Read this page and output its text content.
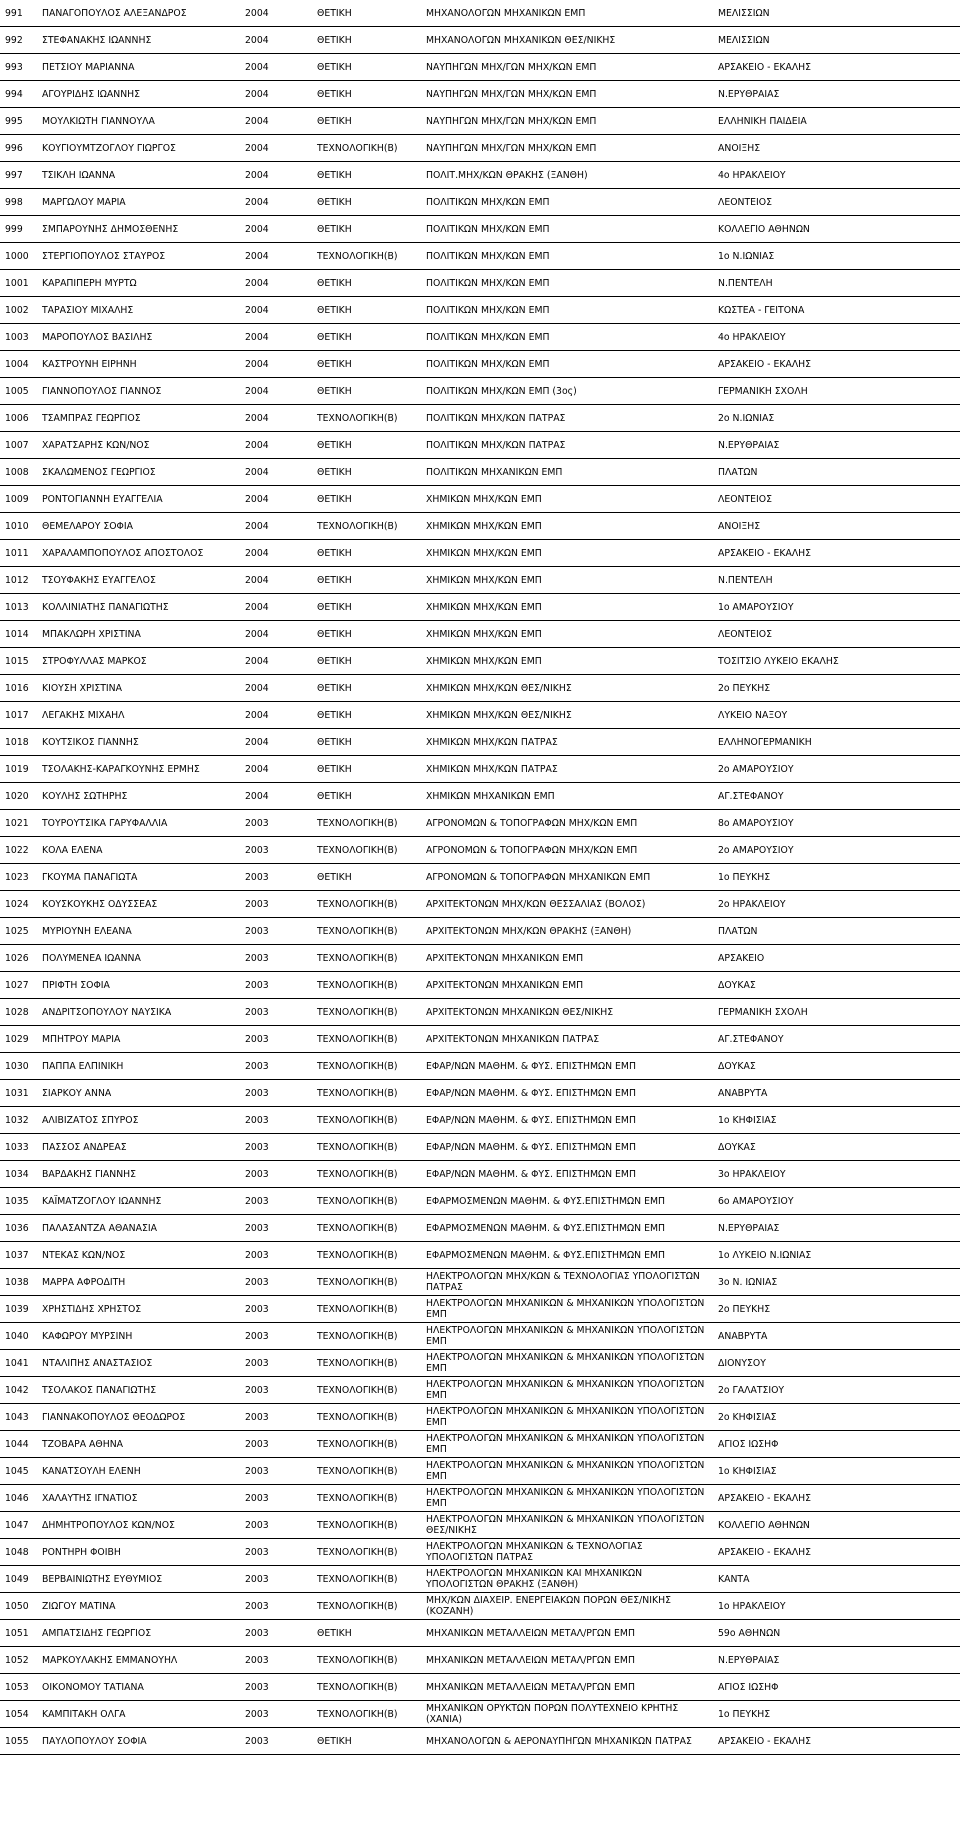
991	ΠΑΝΑΓΟΠΟΥΛΟΣ ΑΛΕΞΑΝΔΡΟΣ	2004	ΘΕΤΙΚΗ	ΜΗΧΑΝΟΛΟΓΩΝ ΜΗΧΑΝΙΚΩΝ ΕΜΠ	ΜΕΛΙΣΣΙΩΝ
992	ΣΤΕΦΑΝΑΚΗΣ ΙΩΑΝΝΗΣ	2004	ΘΕΤΙΚΗ	ΜΗΧΑΝΟΛΟΓΩΝ ΜΗΧΑΝΙΚΩΝ ΘΕΣ/ΝΙΚΗΣ	ΜΕΛΙΣΣΙΩΝ
993	ΠΕΤΣΙΟΥ ΜΑΡΙΑΝΝΑ	2004	ΘΕΤΙΚΗ	ΝΑΥΠΗΓΩΝ ΜΗΧ/ΓΩΝ ΜΗΧ/ΚΩΝ ΕΜΠ	ΑΡΣΑΚΕΙΟ - ΕΚΑΛΗΣ
994	ΑΓΟΥΡΙΔΗΣ ΙΩΑΝΝΗΣ	2004	ΘΕΤΙΚΗ	ΝΑΥΠΗΓΩΝ ΜΗΧ/ΓΩΝ ΜΗΧ/ΚΩΝ ΕΜΠ	Ν.ΕΡΥΘΡΑΙΑΣ
995	ΜΟΥΛΚΙΩΤΗ ΓΙΑΝΝΟΥΛΑ	2004	ΘΕΤΙΚΗ	ΝΑΥΠΗΓΩΝ ΜΗΧ/ΓΩΝ ΜΗΧ/ΚΩΝ ΕΜΠ	ΕΛΛΗΝΙΚΗ ΠΑΙΔΕΙΑ
996	ΚΟΥΓΙΟΥΜΤΖΟΓΛΟΥ ΓΙΩΡΓΟΣ	2004	ΤΕΧΝΟΛΟΓΙΚΗ(Β)	ΝΑΥΠΗΓΩΝ ΜΗΧ/ΓΩΝ ΜΗΧ/ΚΩΝ ΕΜΠ	ΑΝΟΙΞΗΣ
997	ΤΣΙΚΛΗ ΙΩΑΝΝΑ	2004	ΘΕΤΙΚΗ	ΠΟΛΙΤ.ΜΗΧ/ΚΩΝ ΘΡΑΚΗΣ (ΞΑΝΘΗ)	4ο ΗΡΑΚΛΕΙΟΥ
998	ΜΑΡΓΩΛΟΥ ΜΑΡΙΑ	2004	ΘΕΤΙΚΗ	ΠΟΛΙΤΙΚΩΝ ΜΗΧ/ΚΩΝ ΕΜΠ	ΛΕΟΝΤΕΙΟΣ
999	ΣΜΠΑΡΟΥΝΗΣ ΔΗΜΟΣΘΕΝΗΣ	2004	ΘΕΤΙΚΗ	ΠΟΛΙΤΙΚΩΝ ΜΗΧ/ΚΩΝ ΕΜΠ	ΚΟΛΛΕΓΙΟ ΑΘΗΝΩΝ
1000	ΣΤΕΡΓΙΟΠΟΥΛΟΣ ΣΤΑΥΡΟΣ	2004	ΤΕΧΝΟΛΟΓΙΚΗ(Β)	ΠΟΛΙΤΙΚΩΝ ΜΗΧ/ΚΩΝ ΕΜΠ	1ο Ν.ΙΩΝΙΑΣ
1001	ΚΑΡΑΠΙΠΕΡΗ ΜΥΡΤΩ	2004	ΘΕΤΙΚΗ	ΠΟΛΙΤΙΚΩΝ ΜΗΧ/ΚΩΝ ΕΜΠ	Ν.ΠΕΝΤΕΛΗ
1002	ΤΑΡΑΣΙΟΥ ΜΙΧΑΛΗΣ	2004	ΘΕΤΙΚΗ	ΠΟΛΙΤΙΚΩΝ ΜΗΧ/ΚΩΝ ΕΜΠ	ΚΩΣΤΕΑ - ΓΕΙΤΟΝΑ
1003	ΜΑΡΟΠΟΥΛΟΣ ΒΑΣΙΛΗΣ	2004	ΘΕΤΙΚΗ	ΠΟΛΙΤΙΚΩΝ ΜΗΧ/ΚΩΝ ΕΜΠ	4ο ΗΡΑΚΛΕΙΟΥ
1004	ΚΑΣΤΡΟΥΝΗ ΕΙΡΗΝΗ	2004	ΘΕΤΙΚΗ	ΠΟΛΙΤΙΚΩΝ ΜΗΧ/ΚΩΝ ΕΜΠ	ΑΡΣΑΚΕΙΟ - ΕΚΑΛΗΣ
1005	ΓΙΑΝΝΟΠΟΥΛΟΣ ΓΙΑΝΝΟΣ	2004	ΘΕΤΙΚΗ	ΠΟΛΙΤΙΚΩΝ ΜΗΧ/ΚΩΝ ΕΜΠ (3ος)	ΓΕΡΜΑΝΙΚΗ ΣΧΟΛΗ
1006	ΤΣΑΜΠΡΑΣ ΓΕΩΡΓΙΟΣ	2004	ΤΕΧΝΟΛΟΓΙΚΗ(Β)	ΠΟΛΙΤΙΚΩΝ ΜΗΧ/ΚΩΝ ΠΑΤΡΑΣ	2ο Ν.ΙΩΝΙΑΣ
1007	ΧΑΡΑΤΣΑΡΗΣ ΚΩΝ/ΝΟΣ	2004	ΘΕΤΙΚΗ	ΠΟΛΙΤΙΚΩΝ ΜΗΧ/ΚΩΝ ΠΑΤΡΑΣ	Ν.ΕΡΥΘΡΑΙΑΣ
1008	ΣΚΑΛΩΜΕΝΟΣ ΓΕΩΡΓΙΟΣ	2004	ΘΕΤΙΚΗ	ΠΟΛΙΤΙΚΩΝ ΜΗΧΑΝΙΚΩΝ ΕΜΠ	ΠΛΑΤΩΝ
1009	ΡΟΝΤΟΓΙΑΝΝΗ ΕΥΑΓΓΕΛΙΑ	2004	ΘΕΤΙΚΗ	ΧΗΜΙΚΩΝ ΜΗΧ/ΚΩΝ ΕΜΠ	ΛΕΟΝΤΕΙΟΣ
1010	ΘΕΜΕΛΑΡΟΥ ΣΟΦΙΑ	2004	ΤΕΧΝΟΛΟΓΙΚΗ(Β)	ΧΗΜΙΚΩΝ ΜΗΧ/ΚΩΝ ΕΜΠ	ΑΝΟΙΞΗΣ
1011	ΧΑΡΑΛΑΜΠΟΠΟΥΛΟΣ ΑΠΟΣΤΟΛΟΣ	2004	ΘΕΤΙΚΗ	ΧΗΜΙΚΩΝ ΜΗΧ/ΚΩΝ ΕΜΠ	ΑΡΣΑΚΕΙΟ - ΕΚΑΛΗΣ
1012	ΤΣΟΥΦΑΚΗΣ ΕΥΑΓΓΕΛΟΣ	2004	ΘΕΤΙΚΗ	ΧΗΜΙΚΩΝ ΜΗΧ/ΚΩΝ ΕΜΠ	Ν.ΠΕΝΤΕΛΗ
1013	ΚΟΛΛΙΝΙΑΤΗΣ ΠΑΝΑΓΙΩΤΗΣ	2004	ΘΕΤΙΚΗ	ΧΗΜΙΚΩΝ ΜΗΧ/ΚΩΝ ΕΜΠ	1ο ΑΜΑΡΟΥΣΙΟΥ
1014	ΜΠΑΚΛΩΡΗ ΧΡΙΣΤΙΝΑ	2004	ΘΕΤΙΚΗ	ΧΗΜΙΚΩΝ ΜΗΧ/ΚΩΝ ΕΜΠ	ΛΕΟΝΤΕΙΟΣ
1015	ΣΤΡΟΦΥΛΛΑΣ ΜΑΡΚΟΣ	2004	ΘΕΤΙΚΗ	ΧΗΜΙΚΩΝ ΜΗΧ/ΚΩΝ ΕΜΠ	ΤΟΣΙΤΣΙΟ ΛΥΚΕΙΟ ΕΚΑΛΗΣ
1016	ΚΙΟΥΣΗ ΧΡΙΣΤΙΝΑ	2004	ΘΕΤΙΚΗ	ΧΗΜΙΚΩΝ ΜΗΧ/ΚΩΝ ΘΕΣ/ΝΙΚΗΣ	2ο ΠΕΥΚΗΣ
1017	ΛΕΓΑΚΗΣ ΜΙΧΑΗΛ	2004	ΘΕΤΙΚΗ	ΧΗΜΙΚΩΝ ΜΗΧ/ΚΩΝ ΘΕΣ/ΝΙΚΗΣ	ΛΥΚΕΙΟ ΝΑΞΟΥ
1018	ΚΟΥΤΣΙΚΟΣ ΓΙΑΝΝΗΣ	2004	ΘΕΤΙΚΗ	ΧΗΜΙΚΩΝ ΜΗΧ/ΚΩΝ ΠΑΤΡΑΣ	ΕΛΛΗΝΟΓΕΡΜΑΝΙΚΗ
1019	ΤΣΟΛΑΚΗΣ-ΚΑΡΑΓΚΟΥΝΗΣ ΕΡΜΗΣ	2004	ΘΕΤΙΚΗ	ΧΗΜΙΚΩΝ ΜΗΧ/ΚΩΝ ΠΑΤΡΑΣ	2ο ΑΜΑΡΟΥΣΙΟΥ
1020	ΚΟΥΛΗΣ ΣΩΤΗΡΗΣ	2004	ΘΕΤΙΚΗ	ΧΗΜΙΚΩΝ ΜΗΧΑΝΙΚΩΝ ΕΜΠ	ΑΓ.ΣΤΕΦΑΝΟΥ
1021	ΤΟΥΡΟΥΤΣΙΚΑ ΓΑΡΥΦΑΛΛΙΑ	2003	ΤΕΧΝΟΛΟΓΙΚΗ(Β)	ΑΓΡΟΝΟΜΩΝ & ΤΟΠΟΓΡΑΦΩΝ ΜΗΧ/ΚΩΝ ΕΜΠ	8ο ΑΜΑΡΟΥΣΙΟΥ
1022	ΚΟΛΑ ΕΛΕΝΑ	2003	ΤΕΧΝΟΛΟΓΙΚΗ(Β)	ΑΓΡΟΝΟΜΩΝ & ΤΟΠΟΓΡΑΦΩΝ ΜΗΧ/ΚΩΝ ΕΜΠ	2ο ΑΜΑΡΟΥΣΙΟΥ
1023	ΓΚΟΥΜΑ ΠΑΝΑΓΙΩΤΑ	2003	ΘΕΤΙΚΗ	ΑΓΡΟΝΟΜΩΝ & ΤΟΠΟΓΡΑΦΩΝ ΜΗΧΑΝΙΚΩΝ ΕΜΠ	1ο ΠΕΥΚΗΣ
1024	ΚΟΥΣΚΟΥΚΗΣ ΟΔΥΣΣΕΑΣ	2003	ΤΕΧΝΟΛΟΓΙΚΗ(Β)	ΑΡΧΙΤΕΚΤΟΝΩΝ ΜΗΧ/ΚΩΝ ΘΕΣΣΑΛΙΑΣ (ΒΟΛΟΣ)	2ο ΗΡΑΚΛΕΙΟΥ
1025	ΜΥΡΙΟΥΝΗ ΕΛΕΑΝΑ	2003	ΤΕΧΝΟΛΟΓΙΚΗ(Β)	ΑΡΧΙΤΕΚΤΟΝΩΝ ΜΗΧ/ΚΩΝ ΘΡΑΚΗΣ (ΞΑΝΘΗ)	ΠΛΑΤΩΝ
1026	ΠΟΛΥΜΕΝΕΑ ΙΩΑΝΝΑ	2003	ΤΕΧΝΟΛΟΓΙΚΗ(Β)	ΑΡΧΙΤΕΚΤΟΝΩΝ ΜΗΧΑΝΙΚΩΝ ΕΜΠ	ΑΡΣΑΚΕΙΟ
1027	ΠΡΙΦΤΗ ΣΟΦΙΑ	2003	ΤΕΧΝΟΛΟΓΙΚΗ(Β)	ΑΡΧΙΤΕΚΤΟΝΩΝ ΜΗΧΑΝΙΚΩΝ ΕΜΠ	ΔΟΥΚΑΣ
1028	ΑΝΔΡΙΤΣΟΠΟΥΛΟΥ ΝΑΥΣΙΚΑ	2003	ΤΕΧΝΟΛΟΓΙΚΗ(Β)	ΑΡΧΙΤΕΚΤΟΝΩΝ ΜΗΧΑΝΙΚΩΝ ΘΕΣ/ΝΙΚΗΣ	ΓΕΡΜΑΝΙΚΗ ΣΧΟΛΗ
1029	ΜΠΗΤΡΟΥ ΜΑΡΙΑ	2003	ΤΕΧΝΟΛΟΓΙΚΗ(Β)	ΑΡΧΙΤΕΚΤΟΝΩΝ ΜΗΧΑΝΙΚΩΝ ΠΑΤΡΑΣ	ΑΓ.ΣΤΕΦΑΝΟΥ
1030	ΠΑΠΠΑ ΕΛΠΙΝΙΚΗ	2003	ΤΕΧΝΟΛΟΓΙΚΗ(Β)	ΕΦΑΡ/ΝΩΝ ΜΑΘΗΜ. & ΦΥΣ. ΕΠΙΣΤΗΜΩΝ ΕΜΠ	ΔΟΥΚΑΣ
1031	ΣΙΑΡΚΟΥ ΑΝΝΑ	2003	ΤΕΧΝΟΛΟΓΙΚΗ(Β)	ΕΦΑΡ/ΝΩΝ ΜΑΘΗΜ. & ΦΥΣ. ΕΠΙΣΤΗΜΩΝ ΕΜΠ	ΑΝΑΒΡΥΤΑ
1032	ΑΛΙΒΙΖΑΤΟΣ ΣΠΥΡΟΣ	2003	ΤΕΧΝΟΛΟΓΙΚΗ(Β)	ΕΦΑΡ/ΝΩΝ ΜΑΘΗΜ. & ΦΥΣ. ΕΠΙΣΤΗΜΩΝ ΕΜΠ	1ο ΚΗΦΙΣΙΑΣ
1033	ΠΑΣΣΟΣ ΑΝΔΡΕΑΣ	2003	ΤΕΧΝΟΛΟΓΙΚΗ(Β)	ΕΦΑΡ/ΝΩΝ ΜΑΘΗΜ. & ΦΥΣ. ΕΠΙΣΤΗΜΩΝ ΕΜΠ	ΔΟΥΚΑΣ
1034	ΒΑΡΔΑΚΗΣ ΓΙΑΝΝΗΣ	2003	ΤΕΧΝΟΛΟΓΙΚΗ(Β)	ΕΦΑΡ/ΝΩΝ ΜΑΘΗΜ. & ΦΥΣ. ΕΠΙΣΤΗΜΩΝ ΕΜΠ	3ο ΗΡΑΚΛΕΙΟΥ
1035	ΚΑΪΜΑΤΖΟΓΛΟΥ ΙΩΑΝΝΗΣ	2003	ΤΕΧΝΟΛΟΓΙΚΗ(Β)	ΕΦΑΡΜΟΣΜΕΝΩΝ ΜΑΘΗΜ. & ΦΥΣ.ΕΠΙΣΤΗΜΩΝ ΕΜΠ	6ο ΑΜΑΡΟΥΣΙΟΥ
1036	ΠΑΛΑΣΑΝΤΖΑ ΑΘΑΝΑΣΙΑ	2003	ΤΕΧΝΟΛΟΓΙΚΗ(Β)	ΕΦΑΡΜΟΣΜΕΝΩΝ ΜΑΘΗΜ. & ΦΥΣ.ΕΠΙΣΤΗΜΩΝ ΕΜΠ	Ν.ΕΡΥΘΡΑΙΑΣ
1037	ΝΤΕΚΑΣ ΚΩΝ/ΝΟΣ	2003	ΤΕΧΝΟΛΟΓΙΚΗ(Β)	ΕΦΑΡΜΟΣΜΕΝΩΝ ΜΑΘΗΜ. & ΦΥΣ.ΕΠΙΣΤΗΜΩΝ ΕΜΠ	1ο ΛΥΚΕΙΟ Ν.ΙΩΝΙΑΣ
1038	ΜΑΡΡΑ ΑΦΡΟΔΙΤΗ	2003	ΤΕΧΝΟΛΟΓΙΚΗ(Β)	ΗΛΕΚΤΡΟΛΟΓΩΝ ΜΗΧ/ΚΩΝ & ΤΕΧΝΟΛΟΓΙΑΣ ΥΠΟΛΟΓΙΣΤΩΝ ΠΑΤΡΑΣ	3ο Ν. ΙΩΝΙΑΣ
1039	ΧΡΗΣΤΙΔΗΣ ΧΡΗΣΤΟΣ	2003	ΤΕΧΝΟΛΟΓΙΚΗ(Β)	ΗΛΕΚΤΡΟΛΟΓΩΝ ΜΗΧΑΝΙΚΩΝ & ΜΗΧΑΝΙΚΩΝ ΥΠΟΛΟΓΙΣΤΩΝ ΕΜΠ	2ο ΠΕΥΚΗΣ
1040	ΚΑΦΩΡΟΥ ΜΥΡΣΙΝΗ	2003	ΤΕΧΝΟΛΟΓΙΚΗ(Β)	ΗΛΕΚΤΡΟΛΟΓΩΝ ΜΗΧΑΝΙΚΩΝ & ΜΗΧΑΝΙΚΩΝ ΥΠΟΛΟΓΙΣΤΩΝ ΕΜΠ	ΑΝΑΒΡΥΤΑ
1041	ΝΤΑΛΙΠΗΣ ΑΝΑΣΤΑΣΙΟΣ	2003	ΤΕΧΝΟΛΟΓΙΚΗ(Β)	ΗΛΕΚΤΡΟΛΟΓΩΝ ΜΗΧΑΝΙΚΩΝ & ΜΗΧΑΝΙΚΩΝ ΥΠΟΛΟΓΙΣΤΩΝ ΕΜΠ	ΔΙΟΝΥΣΟΥ
1042	ΤΣΟΛΑΚΟΣ ΠΑΝΑΓΙΩΤΗΣ	2003	ΤΕΧΝΟΛΟΓΙΚΗ(Β)	ΗΛΕΚΤΡΟΛΟΓΩΝ ΜΗΧΑΝΙΚΩΝ & ΜΗΧΑΝΙΚΩΝ ΥΠΟΛΟΓΙΣΤΩΝ ΕΜΠ	2ο ΓΑΛΑΤΣΙΟΥ
1043	ΓΙΑΝΝΑΚΟΠΟΥΛΟΣ ΘΕΟΔΩΡΟΣ	2003	ΤΕΧΝΟΛΟΓΙΚΗ(Β)	ΗΛΕΚΤΡΟΛΟΓΩΝ ΜΗΧΑΝΙΚΩΝ & ΜΗΧΑΝΙΚΩΝ ΥΠΟΛΟΓΙΣΤΩΝ ΕΜΠ	2ο ΚΗΦΙΣΙΑΣ
1044	ΤΖΟΒΑΡΑ ΑΘΗΝΑ	2003	ΤΕΧΝΟΛΟΓΙΚΗ(Β)	ΗΛΕΚΤΡΟΛΟΓΩΝ ΜΗΧΑΝΙΚΩΝ & ΜΗΧΑΝΙΚΩΝ ΥΠΟΛΟΓΙΣΤΩΝ ΕΜΠ	ΑΓΙΟΣ ΙΩΣΗΦ
1045	ΚΑΝΑΤΣΟΥΛΗ ΕΛΕΝΗ	2003	ΤΕΧΝΟΛΟΓΙΚΗ(Β)	ΗΛΕΚΤΡΟΛΟΓΩΝ ΜΗΧΑΝΙΚΩΝ & ΜΗΧΑΝΙΚΩΝ ΥΠΟΛΟΓΙΣΤΩΝ ΕΜΠ	1ο ΚΗΦΙΣΙΑΣ
1046	ΧΑΛΑΥΤΗΣ ΙΓΝΑΤΙΟΣ	2003	ΤΕΧΝΟΛΟΓΙΚΗ(Β)	ΗΛΕΚΤΡΟΛΟΓΩΝ ΜΗΧΑΝΙΚΩΝ & ΜΗΧΑΝΙΚΩΝ ΥΠΟΛΟΓΙΣΤΩΝ ΕΜΠ	ΑΡΣΑΚΕΙΟ - ΕΚΑΛΗΣ
1047	ΔΗΜΗΤΡΟΠΟΥΛΟΣ ΚΩΝ/ΝΟΣ	2003	ΤΕΧΝΟΛΟΓΙΚΗ(Β)	ΗΛΕΚΤΡΟΛΟΓΩΝ ΜΗΧΑΝΙΚΩΝ & ΜΗΧΑΝΙΚΩΝ ΥΠΟΛΟΓΙΣΤΩΝ ΘΕΣ/ΝΙΚΗΣ	ΚΟΛΛΕΓΙΟ ΑΘΗΝΩΝ
1048	ΡΟΝΤΗΡΗ ΦΟΙΒΗ	2003	ΤΕΧΝΟΛΟΓΙΚΗ(Β)	ΗΛΕΚΤΡΟΛΟΓΩΝ ΜΗΧΑΝΙΚΩΝ & ΤΕΧΝΟΛΟΓΙΑΣ ΥΠΟΛΟΓΙΣΤΩΝ ΠΑΤΡΑΣ	ΑΡΣΑΚΕΙΟ - ΕΚΑΛΗΣ
1049	ΒΕΡΒΑΙΝΙΩΤΗΣ ΕΥΘΥΜΙΟΣ	2003	ΤΕΧΝΟΛΟΓΙΚΗ(Β)	ΗΛΕΚΤΡΟΛΟΓΩΝ ΜΗΧΑΝΙΚΩΝ ΚΑΙ ΜΗΧΑΝΙΚΩΝ ΥΠΟΛΟΓΙΣΤΩΝ ΘΡΑΚΗΣ (ΞΑΝΘΗ)	ΚΑΝΤΑ
1050	ΖΙΩΓΟΥ ΜΑΤΙΝΑ	2003	ΤΕΧΝΟΛΟΓΙΚΗ(Β)	ΜΗΧ/ΚΩΝ ΔΙΑΧΕΙΡ. ΕΝΕΡΓΕΙΑΚΩΝ ΠΟΡΩΝ ΘΕΣ/ΝΙΚΗΣ (ΚΟΖΑΝΗ)	1ο ΗΡΑΚΛΕΙΟΥ
1051	ΑΜΠΑΤΣΙΔΗΣ ΓΕΩΡΓΙΟΣ	2003	ΘΕΤΙΚΗ	ΜΗΧΑΝΙΚΩΝ ΜΕΤΑΛΛΕΙΩΝ ΜΕΤΑΛ/ΡΓΩΝ ΕΜΠ	59ο ΑΘΗΝΩΝ
1052	ΜΑΡΚΟΥΛΑΚΗΣ ΕΜΜΑΝΟΥΗΛ	2003	ΤΕΧΝΟΛΟΓΙΚΗ(Β)	ΜΗΧΑΝΙΚΩΝ ΜΕΤΑΛΛΕΙΩΝ ΜΕΤΑΛ/ΡΓΩΝ ΕΜΠ	Ν.ΕΡΥΘΡΑΙΑΣ
1053	ΟΙΚΟΝΟΜΟΥ ΤΑΤΙΑΝΑ	2003	ΤΕΧΝΟΛΟΓΙΚΗ(Β)	ΜΗΧΑΝΙΚΩΝ ΜΕΤΑΛΛΕΙΩΝ ΜΕΤΑΛ/ΡΓΩΝ ΕΜΠ	ΑΓΙΟΣ ΙΩΣΗΦ
1054	ΚΑΜΠΙΤΑΚΗ ΟΛΓΑ	2003	ΤΕΧΝΟΛΟΓΙΚΗ(Β)	ΜΗΧΑΝΙΚΩΝ ΟΡΥΚΤΩΝ ΠΟΡΩΝ ΠΟΛΥΤΕΧΝΕΙΟ ΚΡΗΤΗΣ (ΧΑΝΙΑ)	1ο ΠΕΥΚΗΣ
1055	ΠΑΥΛΟΠΟΥΛΟΥ ΣΟΦΙΑ	2003	ΘΕΤΙΚΗ	ΜΗΧΑΝΟΛΟΓΩΝ & ΑΕΡΟΝΑΥΠΗΓΩΝ ΜΗΧΑΝΙΚΩΝ ΠΑΤΡΑΣ	ΑΡΣΑΚΕΙΟ - ΕΚΑΛΗΣ
